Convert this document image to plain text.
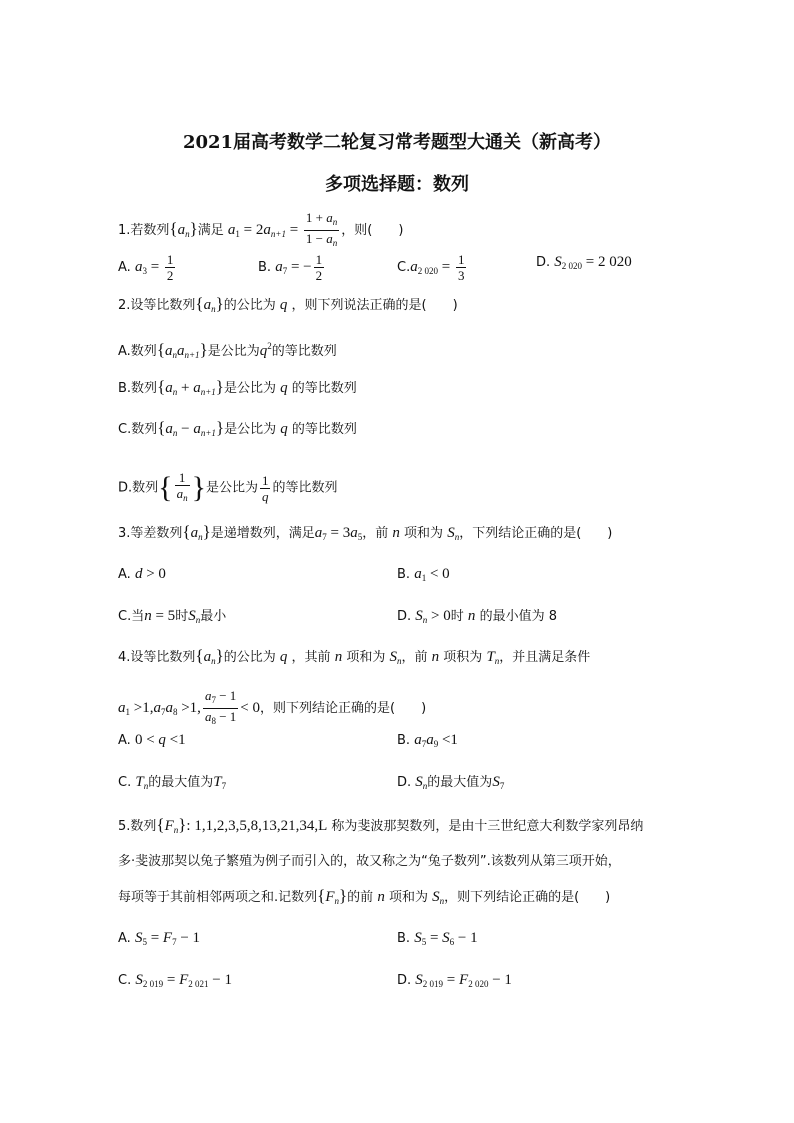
2021届高考数学二轮复习常考题型大通关（新高考）
多项选择题：数列
1.若数列$\{a_n\}$满足 $a_1 = 2a_{n+1} = \frac{1 + a_n}{1 - a_n}$ ，则(　　)
A. $a_3 = \frac{1}{2}$	B. $a_7$ = − $\frac{1}{2}$	$C.a_{2 020} = \frac{1}{3}$	D. $S_{2 020} = 2$ 020
2.设等比数列$\{a_n\}$的公比为 q ，则下列说法正确的是(　　)
A.数列$\{a_na_{n+1}\}$是公比为$q^2$的等比数列
B.数列$\{a_n + a_{n+1}\}$是公比为 q 的等比数列
C.数列$\{a_n - a_{n+1}\}$是公比为 q 的等比数列
D.数列{ $\frac{1}{a_n}$ }是公比为 $\frac{1}{q}$ 的等比数列
3.等差数列$\{a_n\}$是递增数列，满足$a_7 = 3a_5$，前 n 项和为 $S_n$，下列结论正确的是(　　)
A. d > 0	B. $a_1 < 0$
C.当n = 5时$S_n$最小	D. $S_n > 0$时 n 的最小值为 8
4.设等比数列$\{a_n\}$的公比为 q ，其前 n 项和为 $S_n$，前 n 项积为 $T_n$，并且满足条件
$a_1 >1,a_7a_8 >1$, $\frac{a_7 - 1}{a_8 - 1} < 0$，则下列结论正确的是(　　)
A. 0 < q <1	B. $a_7a_9 <1$
C. $T_n$的最大值为$T_7$	D. $S_n$的最大值为$S_7$
5.数列$\{F_n\}$: 1,1,2,3,5,8,13,21,34,L 称为斐波那契数列，是由十三世纪意大利数学家列昂纳
多·斐波那契以兔子繁殖为例子而引入的，故又称之为“兔子数列”.该数列从第三项开始，
每项等于其前相邻两项之和.记数列$\{F_n\}$的前 n 项和为 $S_n$，则下列结论正确的是(　　)
A. $S_5 = F_7 - 1$	B. $S_5 = S_6 - 1$
C. $S_{2 019} = F_{2 021} - 1$	D. $S_{2 019} = F_{2 020} - 1$
